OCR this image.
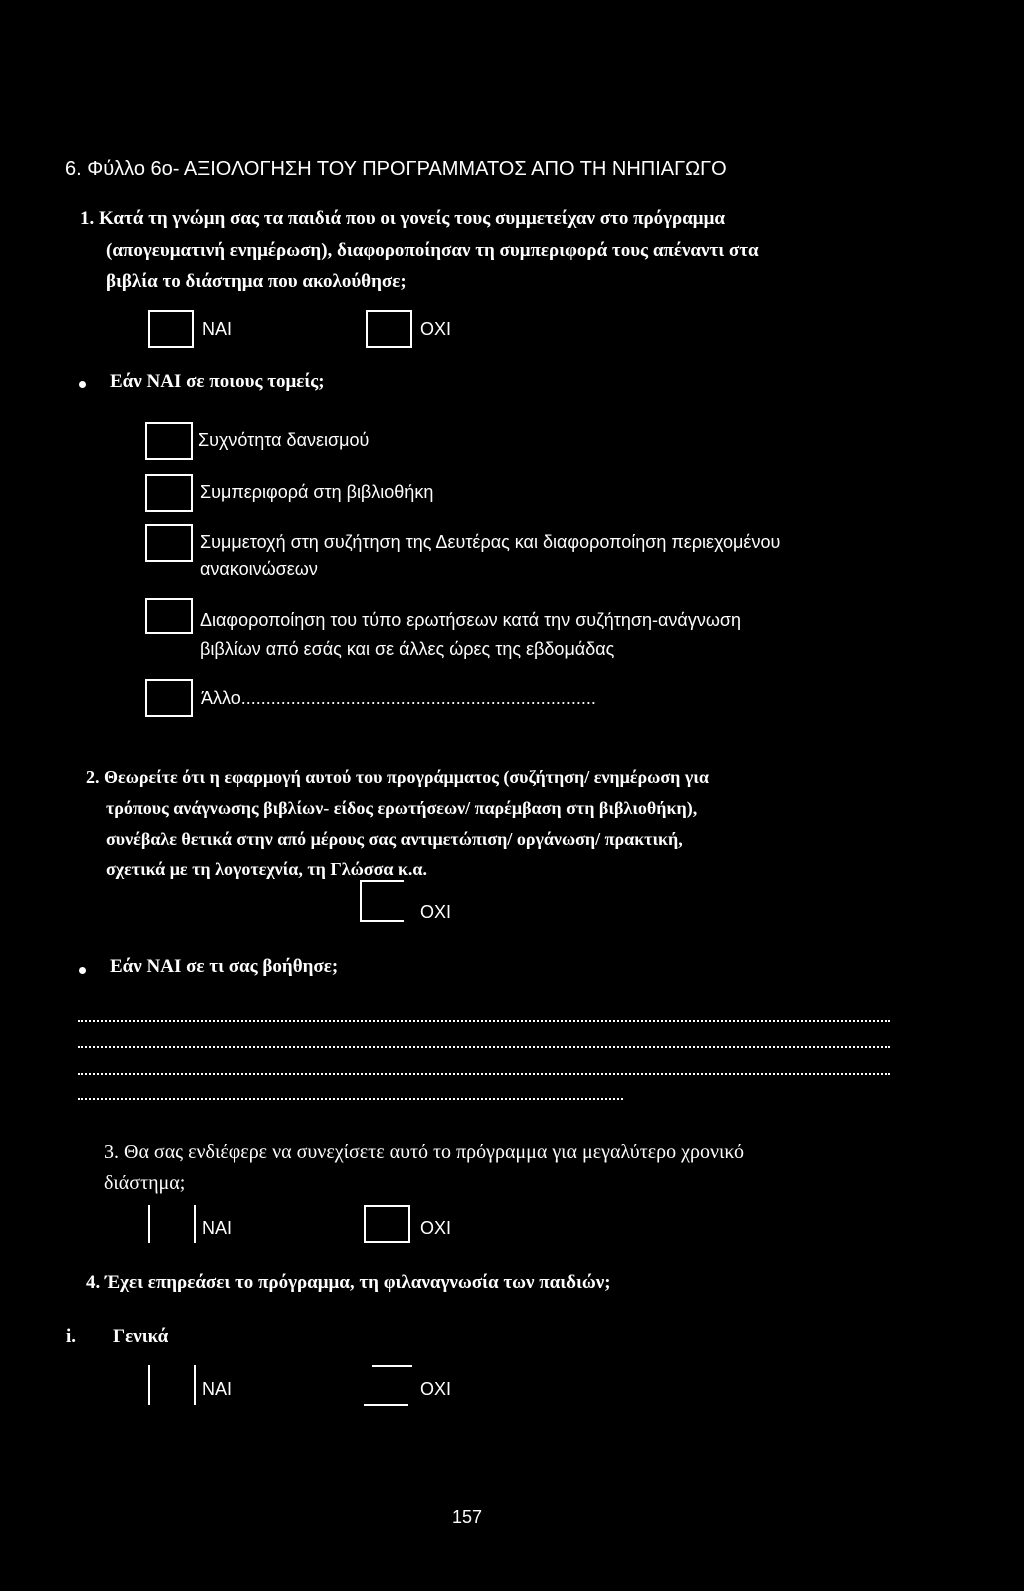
6. Φύλλο 6ο- ΑΞΙΟΛΟΓΗΣΗ ΤΟΥ ΠΡΟΓΡΑΜΜΑΤΟΣ ΑΠΟ ΤΗ ΝΗΠΙΑΓΩΓΟ
1. Κατά τη γνώμη σας τα παιδιά που οι γονείς τους συμμετείχαν στο πρόγραμμα
(απογευματινή ενημέρωση), διαφοροποίησαν τη συμπεριφορά τους απέναντι στα
βιβλία το διάστημα που ακολούθησε;
ΝΑΙ	ΟΧΙ
Εάν ΝΑΙ σε ποιους τομείς;
Συχνότητα δανεισμού
Συμπεριφορά στη βιβλιοθήκη
Συμμετοχή στη συζήτηση της Δευτέρας και διαφοροποίηση περιεχομένου
ανακοινώσεων
Διαφοροποίηση του τύπο ερωτήσεων κατά την συζήτηση-ανάγνωση
βιβλίων από εσάς και σε άλλες ώρες της εβδομάδας
Άλλο.......................................................................
2. Θεωρείτε ότι η εφαρμογή αυτού του προγράμματος (συζήτηση/ ενημέρωση για
τρόπους ανάγνωσης βιβλίων- είδος ερωτήσεων/ παρέμβαση στη βιβλιοθήκη),
συνέβαλε θετικά στην από μέρους σας αντιμετώπιση/ οργάνωση/ πρακτική,
σχετικά με τη λογοτεχνία, τη Γλώσσα κ.α.
ΟΧΙ
Εάν ΝΑΙ σε τι σας βοήθησε;
3. Θα σας ενδιέφερε να συνεχίσετε αυτό το πρόγραμμα για μεγαλύτερο χρονικό
διάστημα;
ΝΑΙ	ΟΧΙ
4. Έχει επηρεάσει το πρόγραμμα, τη φιλαναγνωσία των παιδιών;
i. Γενικά
ΝΑΙ	ΟΧΙ
157
